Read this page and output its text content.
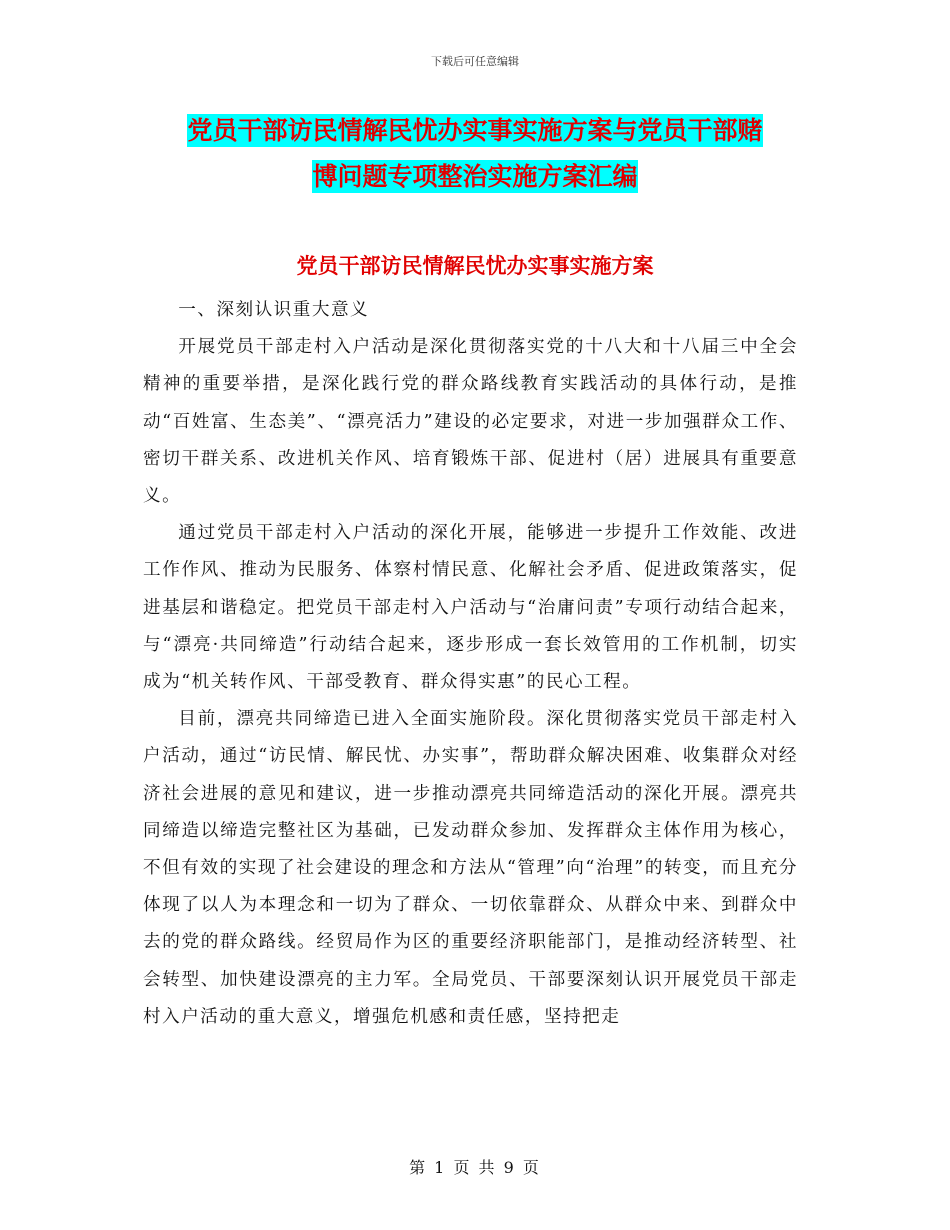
下载后可任意编辑
党员干部访民情解民忧办实事实施方案与党员干部赌
博问题专项整治实施方案汇编
党员干部访民情解民忧办实事实施方案

一、深刻认识重大意义

开展党员干部走村入户活动是深化贯彻落实党的十八大和十八届三中全会精神的重要举措，是深化践行党的群众路线教育实践活动的具体行动，是推动“百姓富、生态美”、“漂亮活力”建设的必定要求，对进一步加强群众工作、密切干群关系、改进机关作风、培育锻炼干部、促进村（居）进展具有重要意义。

通过党员干部走村入户活动的深化开展，能够进一步提升工作效能、改进工作作风、推动为民服务、体察村情民意、化解社会矛盾、促进政策落实，促进基层和谐稳定。把党员干部走村入户活动与“治庸问责”专项行动结合起来，与“漂亮·共同缔造”行动结合起来，逐步形成一套长效管用的工作机制，切实成为“机关转作风、干部受教育、群众得实惠”的民心工程。

目前，漂亮共同缔造已进入全面实施阶段。深化贯彻落实党员干部走村入户活动，通过“访民情、解民忧、办实事”，帮助群众解决困难、收集群众对经济社会进展的意见和建议，进一步推动漂亮共同缔造活动的深化开展。漂亮共同缔造以缔造完整社区为基础，已发动群众参加、发挥群众主体作用为核心，不但有效的实现了社会建设的理念和方法从“管理”向“治理”的转变，而且充分体现了以人为本理念和一切为了群众、一切依靠群众、从群众中来、到群众中去的党的群众路线。经贸局作为区的重要经济职能部门，是推动经济转型、社会转型、加快建设漂亮的主力军。全局党员、干部要深刻认识开展党员干部走村入户活动的重大意义，增强危机感和责任感，坚持把走

第 1 页 共 9 页
